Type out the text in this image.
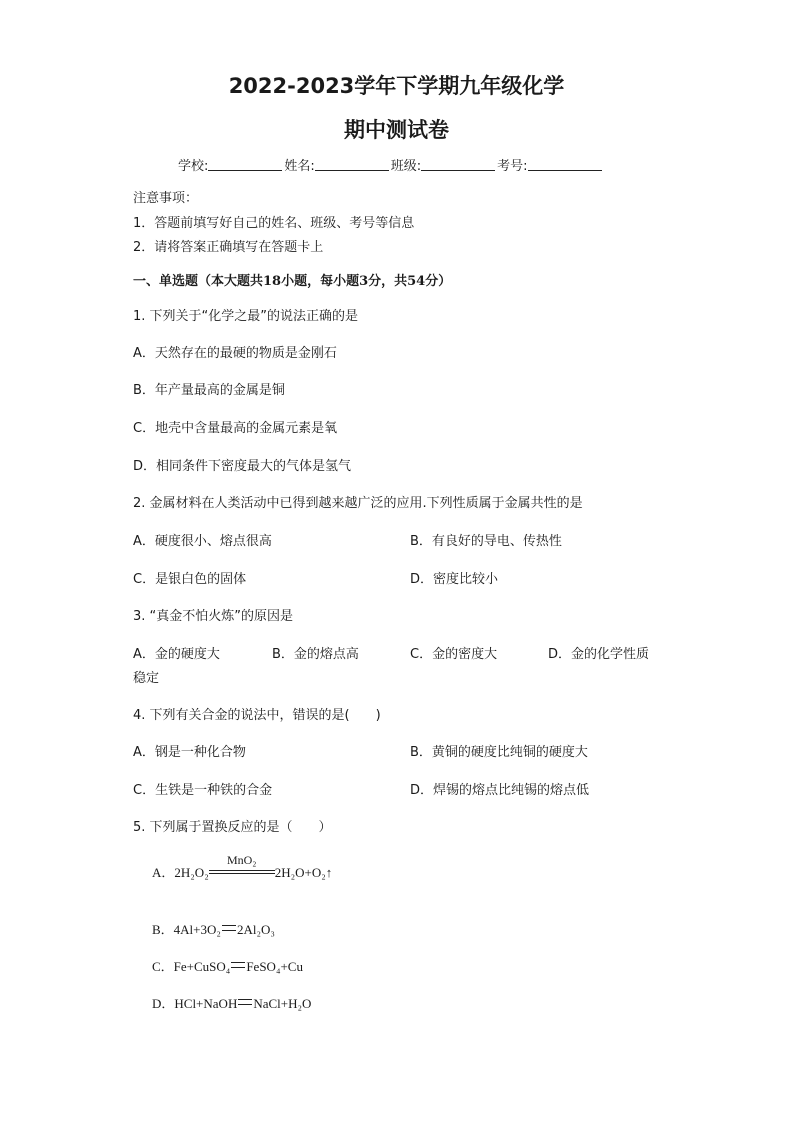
2022-2023学年下学期九年级化学
期中测试卷
学校:	姓名:	班级:	考号:
注意事项：
1．答题前填写好自己的姓名、班级、考号等信息
2．请将答案正确填写在答题卡上
一、单选题（本大题共18小题，每小题3分，共54分）
1. 下列关于“化学之最”的说法正确的是
A．天然存在的最硬的物质是金刚石
B．年产量最高的金属是铜
C．地壳中含量最高的金属元素是氧
D．相同条件下密度最大的气体是氢气
2. 金属材料在人类活动中已得到越来越广泛的应用.下列性质属于金属共性的是
A．硬度很小、熔点很高	B．有良好的导电、传热性
C．是银白色的固体	D．密度比较小
3. “真金不怕火炼”的原因是
A．金的硬度大	B．金的熔点高	C．金的密度大	D．金的化学性质
稳定
4. 下列有关合金的说法中，错误的是(　　)
A．钢是一种化合物	B．黄铜的硬度比纯铜的硬度大
C．生铁是一种铁的合金	D．焊锡的熔点比纯锡的熔点低
5. 下列属于置换反应的是（　　）
A．2H₂O₂
MnO₂
2H₂O+O₂↑
B．4Al+3O₂ 2Al₂O₃
C．Fe+CuSO₄ FeSO₄+Cu
D．HCl+NaOH NaCl+H₂O
